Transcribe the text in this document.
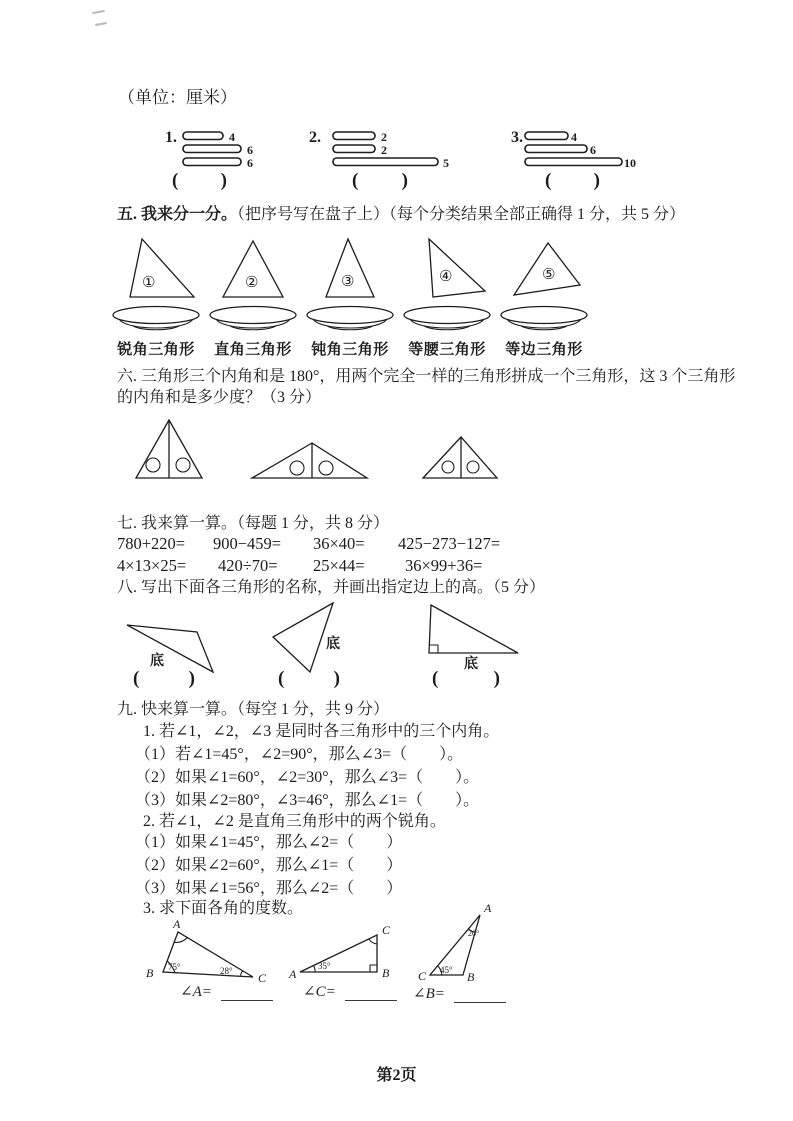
（单位：厘米）
1.	4
6
6
( )
2.	2
2
5
( )
3.	4
6
10
( )
五. 我来分一分。（把序号写在盘子上）（每个分类结果全部正确得 1 分，共 5 分）
①
锐角三角形
②
直角三角形
③
钝角三角形
④
等腰三角形
⑤
等边三角形
六. 三角形三个内角和是 180°，用两个完全一样的三角形拼成一个三角形，这 3 个三角形
的内角和是多少度？（3 分）
七. 我来算一算。（每题 1 分，共 8 分）
780+220= 900−459= 36×40= 425−273−127=
4×13×25= 420÷70= 25×44= 36×99+36=
八. 写出下面各三角形的名称，并画出指定边上的高。（5 分）
底
(	)
底
(	)
底
(	)
九. 快来算一算。（每空 1 分，共 9 分）
1. 若∠1，∠2，∠3 是同时各三角形中的三个内角。
（1）若∠1=45°，∠2=90°，那么∠3=（　　）。
（2）如果∠1=60°，∠2=30°，那么∠3=（　　）。
（3）如果∠2=80°，∠3=46°，那么∠1=（　　）。
2. 若∠1，∠2 是直角三角形中的两个锐角。
（1）如果∠1=45°，那么∠2=（　　）
（2）如果∠2=60°，那么∠1=（　　）
（3）如果∠1=56°，那么∠2=（　　）
3. 求下面各角的度数。
A
B	C
75°	28°
∠A=
A
C
B
35°
∠C=
A
C	B
45°
20°
∠B=
第2页
